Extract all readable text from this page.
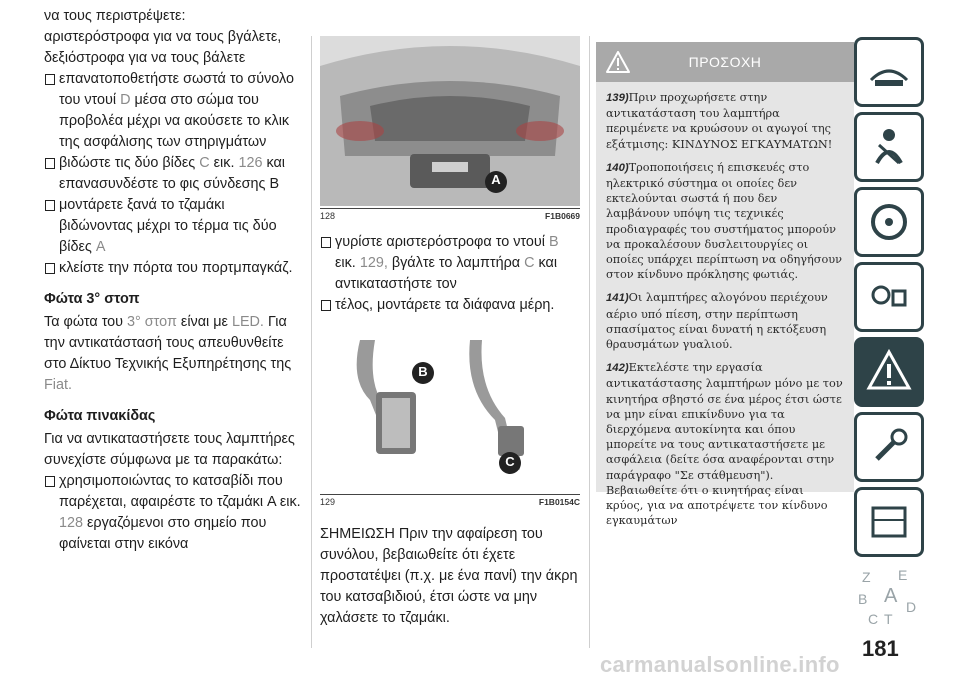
να τους περιστρέψετε:

αριστερόστροφα για να τους βγάλετε, δεξιόστροφα για να τους βάλετε

επανατοποθετήστε σωστά το σύνολο του ντουί D μέσα στο σώμα του προβολέα μέχρι να ακούσετε το κλικ της ασφάλισης των στηριγμάτων

βιδώστε τις δύο βίδες C εικ. 126 και επανασυνδέστε το φις σύνδεσης B

μοντάρετε ξανά το τζαμάκι βιδώνοντας μέχρι το τέρμα τις δύο βίδες A

κλείστε την πόρτα του πορτμπαγκάζ.

Φώτα 3° στοπ

Τα φώτα του 3° στοπ είναι με LED. Για την αντικατάστασή τους απευθυνθείτε στο Δίκτυο Τεχνικής Εξυπηρέτησης της Fiat.

Φώτα πινακίδας

Για να αντικαταστήσετε τους λαμπτήρες συνεχίστε σύμφωνα με τα παρακάτω:

χρησιμοποιώντας το κατσαβίδι που παρέχεται, αφαιρέστε το τζαμάκι A εικ. 128 εργαζόμενοι στο σημείο που φαίνεται στην εικόνα

A
128	F1B0669

γυρίστε αριστερόστροφα το ντουί B εικ. 129, βγάλτε το λαμπτήρα C και αντικαταστήστε τον

τέλος, μοντάρετε τα διάφανα μέρη.

B
C
129	F1B0154C

ΣΗΜΕΙΩΣΗ Πριν την αφαίρεση του συνόλου, βεβαιωθείτε ότι έχετε προστατέψει (π.χ. με ένα πανί) την άκρη του κατσαβιδιού, έτσι ώστε να μην χαλάσετε το τζαμάκι.

ΠΡΟΣΟΧΗ

139)Πριν προχωρήσετε στην αντικατάσταση του λαμπτήρα περιμένετε να κρυώσουν οι αγωγοί της εξάτμισης: ΚΙΝΔΥΝΟΣ ΕΓΚΑΥΜΑΤΩΝ!

140)Τροποποιήσεις ή επισκευές στο ηλεκτρικό σύστημα οι οποίες δεν εκτελούνται σωστά ή που δεν λαμβάνουν υπόψη τις τεχνικές προδιαγραφές του συστήματος μπορούν να προκαλέσουν δυσλειτουργίες οι οποίες υπάρχει περίπτωση να οδηγήσουν στον κίνδυνο πρόκλησης φωτιάς.

141)Οι λαμπτήρες αλογόνου περιέχουν αέριο υπό πίεση, στην περίπτωση σπασίματος είναι δυνατή η εκτόξευση θραυσμάτων γυαλιού.

142)Εκτελέστε την εργασία αντικατάστασης λαμπτήρων μόνο με τον κινητήρα σβηστό σε ένα μέρος έτσι ώστε να μην είναι επικίνδυνο για τα διερχόμενα αυτοκίνητα και όπου μπορείτε να τους αντικαταστήσετε με ασφάλεια (δείτε όσα αναφέρονται στην παράγραφο "Σε στάθμευση"). Βεβαιωθείτε ότι ο κινητήρας είναι κρύος, για να αποτρέψετε τον κίνδυνο εγκαυμάτων

Z E
B A
C T
D
181
carmanualsonline.info
